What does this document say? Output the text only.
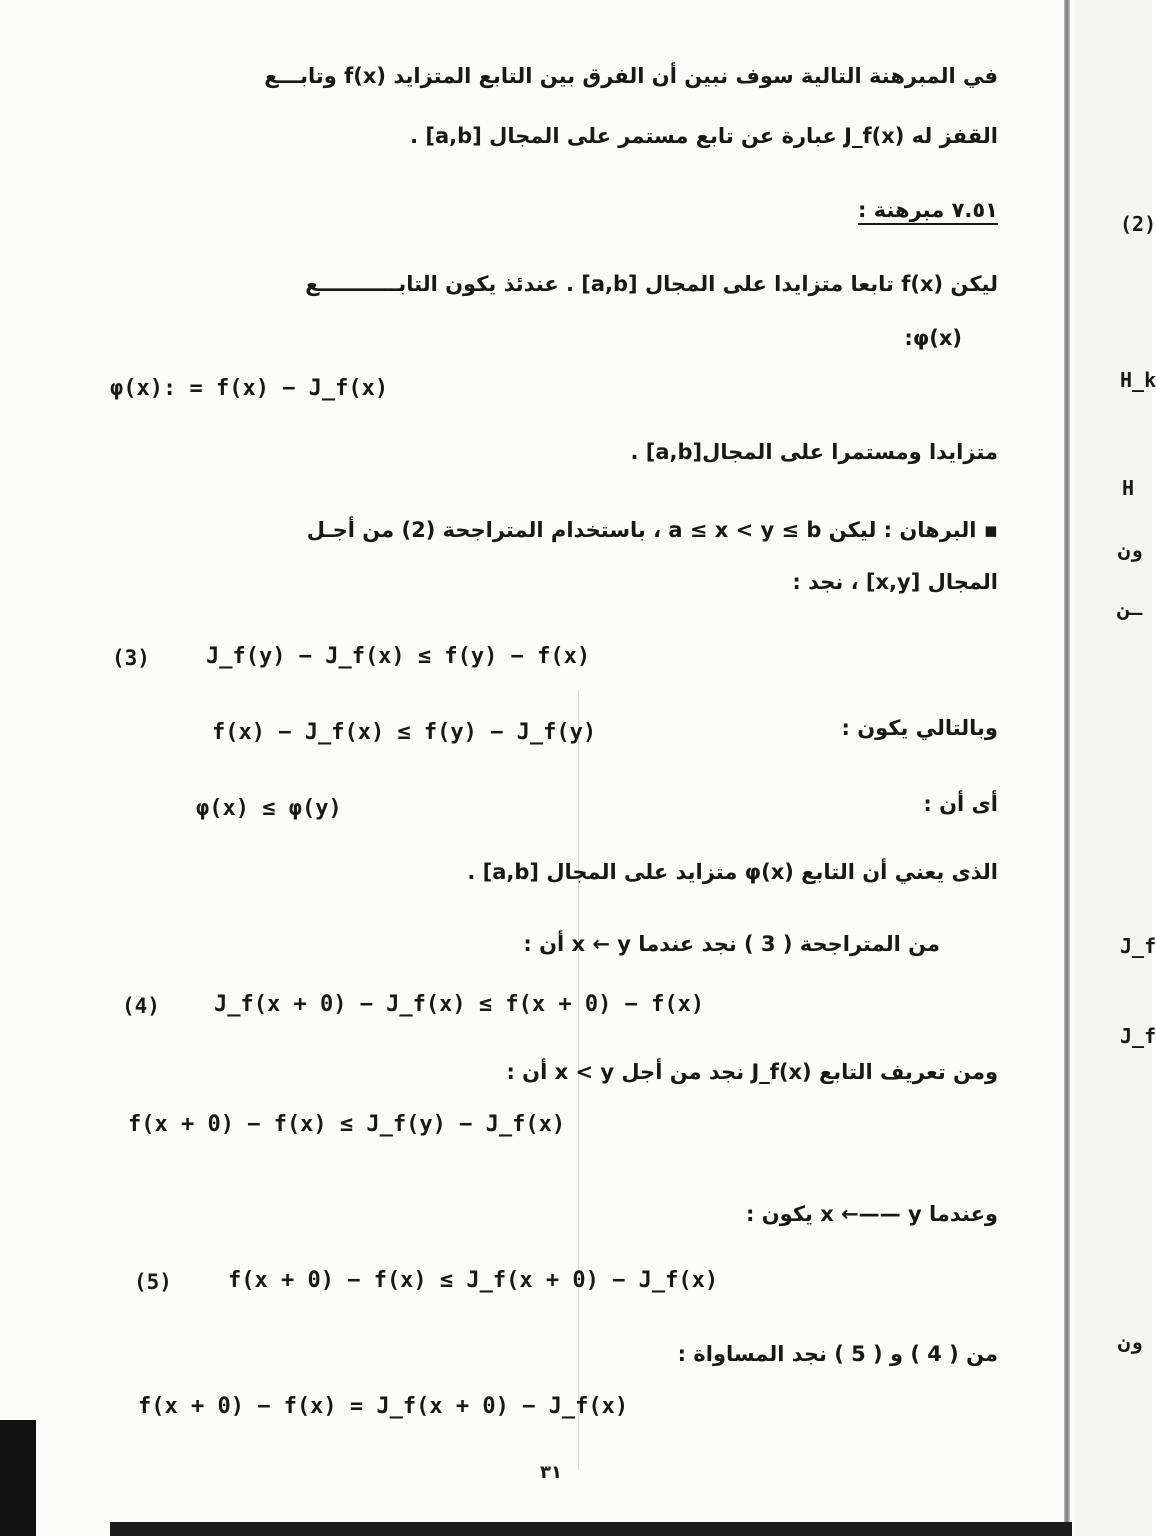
في المبرهنة التالية سوف نبين أن الفرق بين التابع المتزايد f(x) وتابـــع
القفز له J_f(x) عبارة عن تابع مستمر على المجال [a,b] .
٧.٥١ مبرهنة :
ليكن f(x) تابعا متزايدا على المجال [a,b] . عندئذ يكون التابـــــــــــع
:φ(x)
φ(x): = f(x) − J_f(x)
متزايدا ومستمرا على المجال[a,b] .
▪ البرهان : ليكن a ≤ x < y ≤ b ، باستخدام المتراجحة (2) من أجـل
المجال [x,y] ، نجد :
(3)	J_f(y) − J_f(x) ≤ f(y) − f(x)
وبالتالي يكون :
f(x) − J_f(x) ≤ f(y) − J_f(y)
أى أن :
φ(x) ≤ φ(y)
الذى يعني أن التابع φ(x) متزايد على المجال [a,b] .
من المتراجحة ( 3 ) نجد عندما x ← y أن :
(4) J_f(x + 0) − J_f(x) ≤ f(x + 0) − f(x)
ومن تعريف التابع J_f(x) نجد من أجل x < y أن :
f(x + 0) − f(x) ≤ J_f(y) − J_f(x)
وعندما x ←—— y يكون :
(5)	f(x + 0) − f(x) ≤ J_f(x + 0) − J_f(x)
من ( 4 ) و ( 5 ) نجد المساواة :
f(x + 0) − f(x) = J_f(x + 0) − J_f(x)
٣١
(2)
H_k
H
ون
ـن
J_f
J_f
ون
